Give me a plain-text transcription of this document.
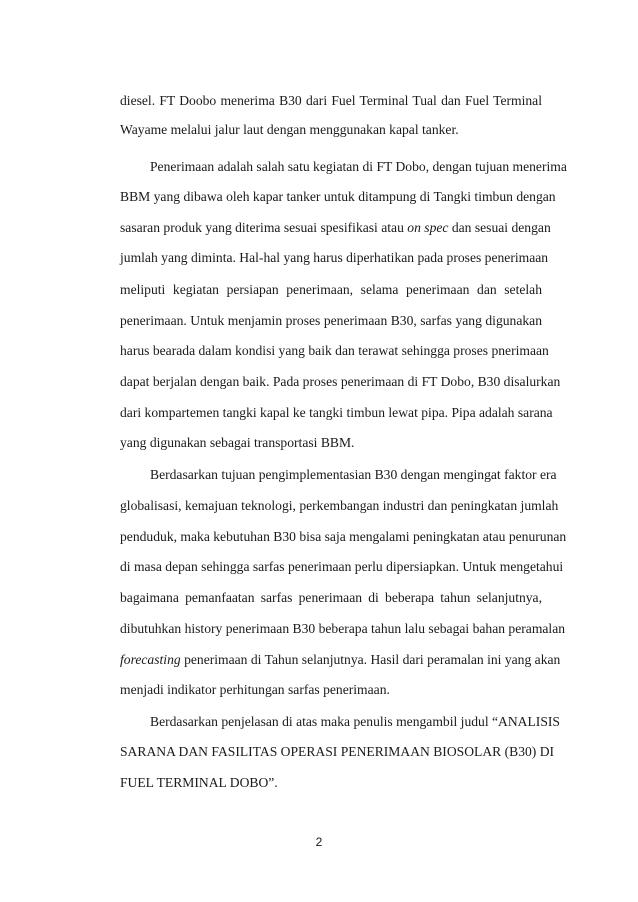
diesel. FT Doobo menerima B30 dari Fuel Terminal Tual dan Fuel Terminal
Wayame melalui jalur laut dengan menggunakan kapal tanker.
Penerimaan adalah salah satu kegiatan di FT Dobo, dengan tujuan menerima
BBM yang dibawa oleh kapar tanker untuk ditampung di Tangki timbun dengan
sasaran produk yang diterima sesuai spesifikasi atau on spec dan sesuai dengan
jumlah yang diminta. Hal-hal yang harus diperhatikan pada proses penerimaan
meliputi kegiatan persiapan penerimaan, selama penerimaan dan setelah
penerimaan. Untuk menjamin proses penerimaan B30, sarfas yang digunakan
harus bearada dalam kondisi yang baik dan terawat sehingga proses pnerimaan
dapat berjalan dengan baik. Pada proses penerimaan di FT Dobo, B30 disalurkan
dari kompartemen tangki kapal ke tangki timbun lewat pipa. Pipa adalah sarana
yang digunakan sebagai transportasi BBM.
Berdasarkan tujuan pengimplementasian B30 dengan mengingat faktor era
globalisasi, kemajuan teknologi, perkembangan industri dan peningkatan jumlah
penduduk, maka kebutuhan B30 bisa saja mengalami peningkatan atau penurunan
di masa depan sehingga sarfas penerimaan perlu dipersiapkan. Untuk mengetahui
bagaimana pemanfaatan sarfas penerimaan di beberapa tahun selanjutnya,
dibutuhkan history penerimaan B30 beberapa tahun lalu sebagai bahan peramalan
forecasting penerimaan di Tahun selanjutnya. Hasil dari peramalan ini yang akan
menjadi indikator perhitungan sarfas penerimaan.
Berdasarkan penjelasan di atas maka penulis mengambil judul “ANALISIS
SARANA DAN FASILITAS OPERASI PENERIMAAN BIOSOLAR (B30) DI
FUEL TERMINAL DOBO”.
2
